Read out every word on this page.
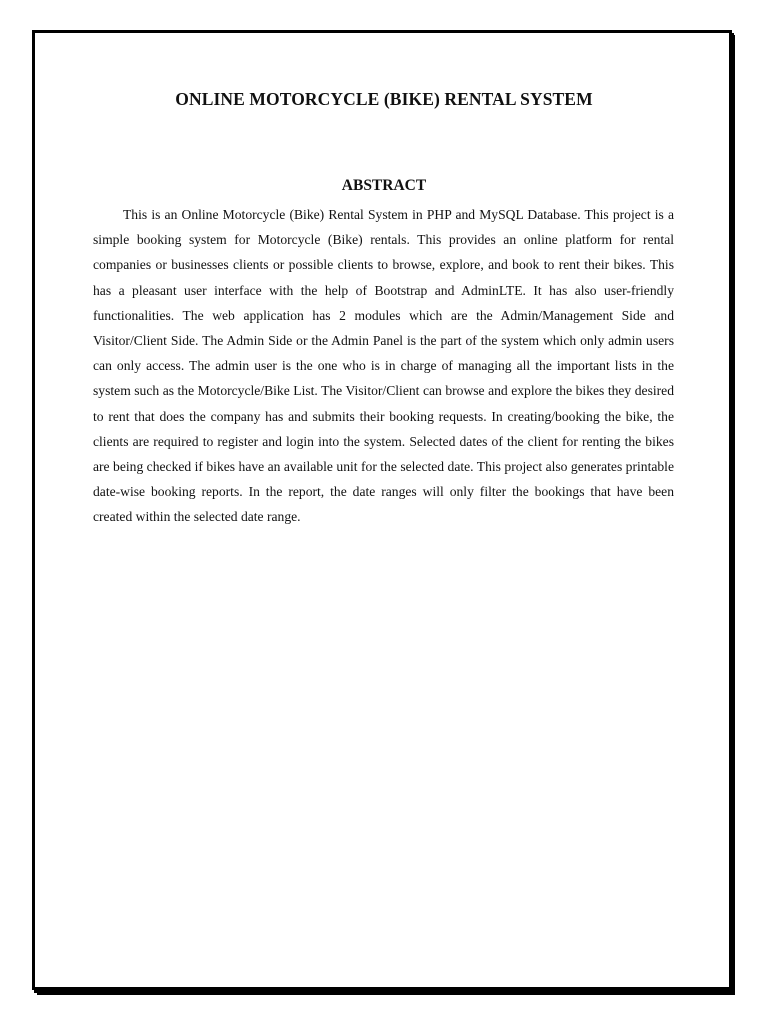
ONLINE MOTORCYCLE (BIKE) RENTAL SYSTEM
ABSTRACT

This is an Online Motorcycle (Bike) Rental System in PHP and MySQL Database. This project is a simple booking system for Motorcycle (Bike) rentals. This provides an online platform for rental companies or businesses clients or possible clients to browse, explore, and book to rent their bikes. This has a pleasant user interface with the help of Bootstrap and AdminLTE. It has also user-friendly functionalities. The web application has 2 modules which are the Admin/Management Side and Visitor/Client Side. The Admin Side or the Admin Panel is the part of the system which only admin users can only access. The admin user is the one who is in charge of managing all the important lists in the system such as the Motorcycle/Bike List. The Visitor/Client can browse and explore the bikes they desired to rent that does the company has and submits their booking requests. In creating/booking the bike, the clients are required to register and login into the system. Selected dates of the client for renting the bikes are being checked if bikes have an available unit for the selected date. This project also generates printable date-wise booking reports. In the report, the date ranges will only filter the bookings that have been created within the selected date range.
